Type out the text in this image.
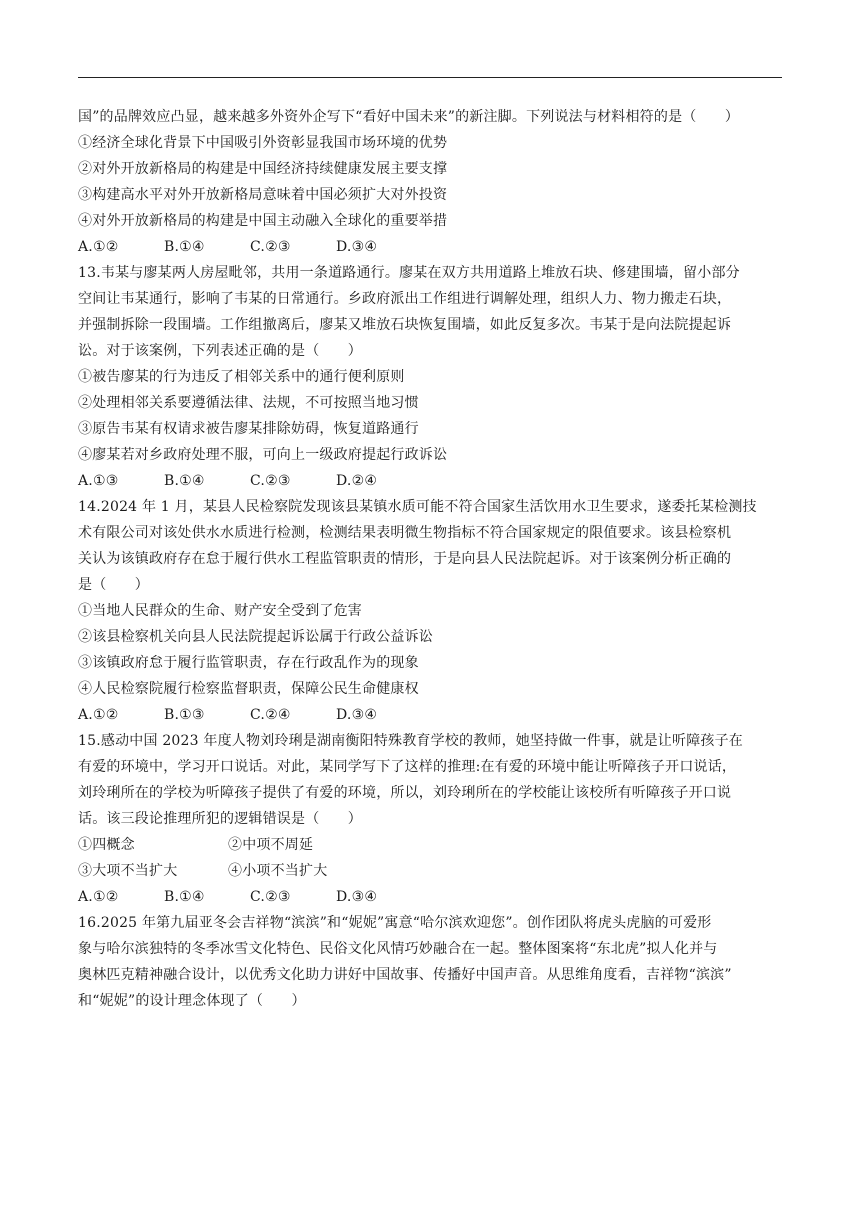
国”的品牌效应凸显，越来越多外资外企写下“看好中国未来”的新注脚。下列说法与材料相符的是（　　）

①经济全球化背景下中国吸引外资彰显我国市场环境的优势

②对外开放新格局的构建是中国经济持续健康发展主要支撑

③构建高水平对外开放新格局意味着中国必须扩大对外投资

④对外开放新格局的构建是中国主动融入全球化的重要举措

A.①②	B.①④	C.②③	D.③④

13.韦某与廖某两人房屋毗邻，共用一条道路通行。廖某在双方共用道路上堆放石块、修建围墙，留小部分

空间让韦某通行，影响了韦某的日常通行。乡政府派出工作组进行调解处理，组织人力、物力搬走石块，

并强制拆除一段围墙。工作组撤离后，廖某又堆放石块恢复围墙，如此反复多次。韦某于是向法院提起诉

讼。对于该案例，下列表述正确的是（　　）

①被告廖某的行为违反了相邻关系中的通行便利原则

②处理相邻关系要遵循法律、法规，不可按照当地习惯

③原告韦某有权请求被告廖某排除妨碍，恢复道路通行

④廖某若对乡政府处理不服，可向上一级政府提起行政诉讼

A.①③	B.①④	C.②③	D.②④

14.2024 年 1 月，某县人民检察院发现该县某镇水质可能不符合国家生活饮用水卫生要求，遂委托某检测技

术有限公司对该处供水水质进行检测，检测结果表明微生物指标不符合国家规定的限值要求。该县检察机

关认为该镇政府存在怠于履行供水工程监管职责的情形，于是向县人民法院起诉。对于该案例分析正确的

是（　　）

①当地人民群众的生命、财产安全受到了危害

②该县检察机关向县人民法院提起诉讼属于行政公益诉讼

③该镇政府怠于履行监管职责，存在行政乱作为的现象

④人民检察院履行检察监督职责，保障公民生命健康权

A.①②	B.①③	C.②④	D.③④

15.感动中国 2023 年度人物刘玲琍是湖南衡阳特殊教育学校的教师，她坚持做一件事，就是让听障孩子在

有爱的环境中，学习开口说话。对此，某同学写下了这样的推理:在有爱的环境中能让听障孩子开口说话，

刘玲琍所在的学校为听障孩子提供了有爱的环境，所以，刘玲琍所在的学校能让该校所有听障孩子开口说

话。该三段论推理所犯的逻辑错误是（　　）

①四概念	②中项不周延

③大项不当扩大	④小项不当扩大

A.①②	B.①④	C.②③	D.③④

16.2025 年第九届亚冬会吉祥物“滨滨”和“妮妮”寓意“哈尔滨欢迎您”。创作团队将虎头虎脑的可爱形

象与哈尔滨独特的冬季冰雪文化特色、民俗文化风情巧妙融合在一起。整体图案将“东北虎”拟人化并与

奥林匹克精神融合设计，以优秀文化助力讲好中国故事、传播好中国声音。从思维角度看，吉祥物“滨滨”

和“妮妮”的设计理念体现了（　　）
